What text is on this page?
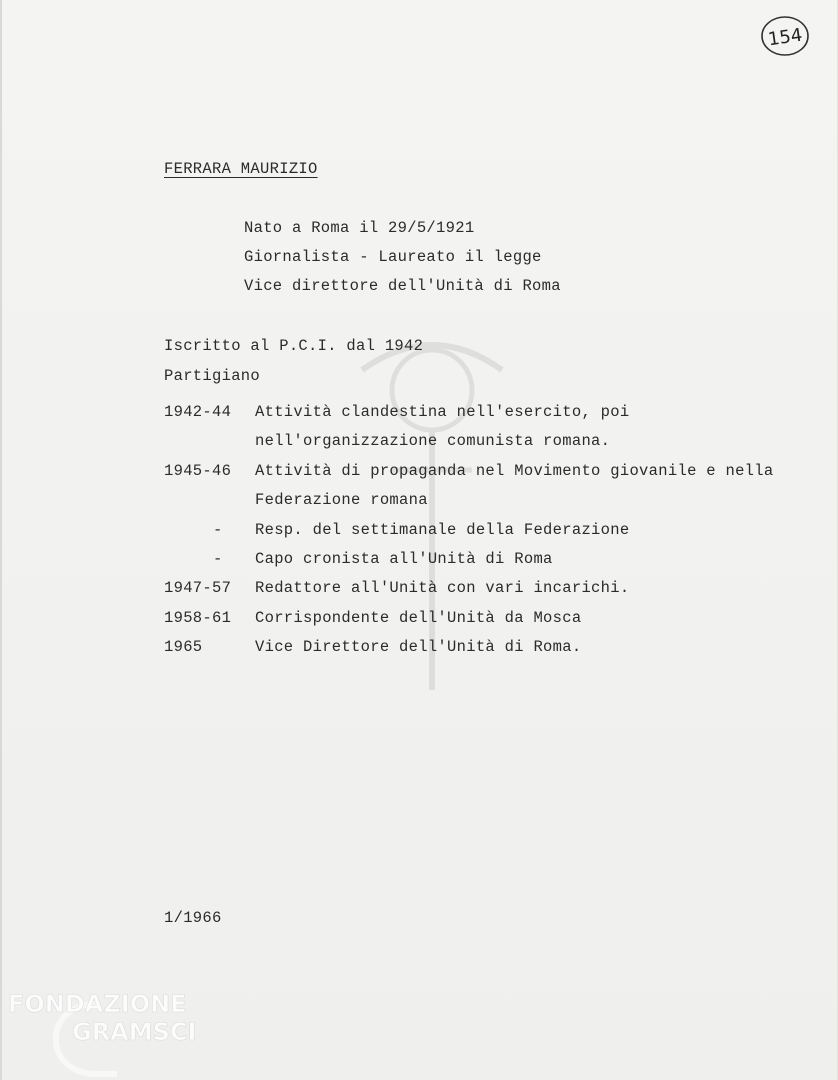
154
FERRARA MAURIZIO
Nato a Roma il 29/5/1921
Giornalista - Laureato il legge
Vice direttore dell'Unità di Roma
Iscritto al P.C.I. dal 1942
Partigiano
1942-44 Attività clandestina nell'esercito, poi
nell'organizzazione comunista romana.
1945-46 Attività di propaganda nel Movimento giovanile e nella
Federazione romana
- Resp. del settimanale della Federazione
- Capo cronista all'Unità di Roma
1947-57 Redattore all'Unità con vari incarichi.
1958-61 Corrispondente dell'Unità da Mosca
1965	Vice Direttore dell'Unità di Roma.
1/1966
FONDAZIONE
GRAMSCI
